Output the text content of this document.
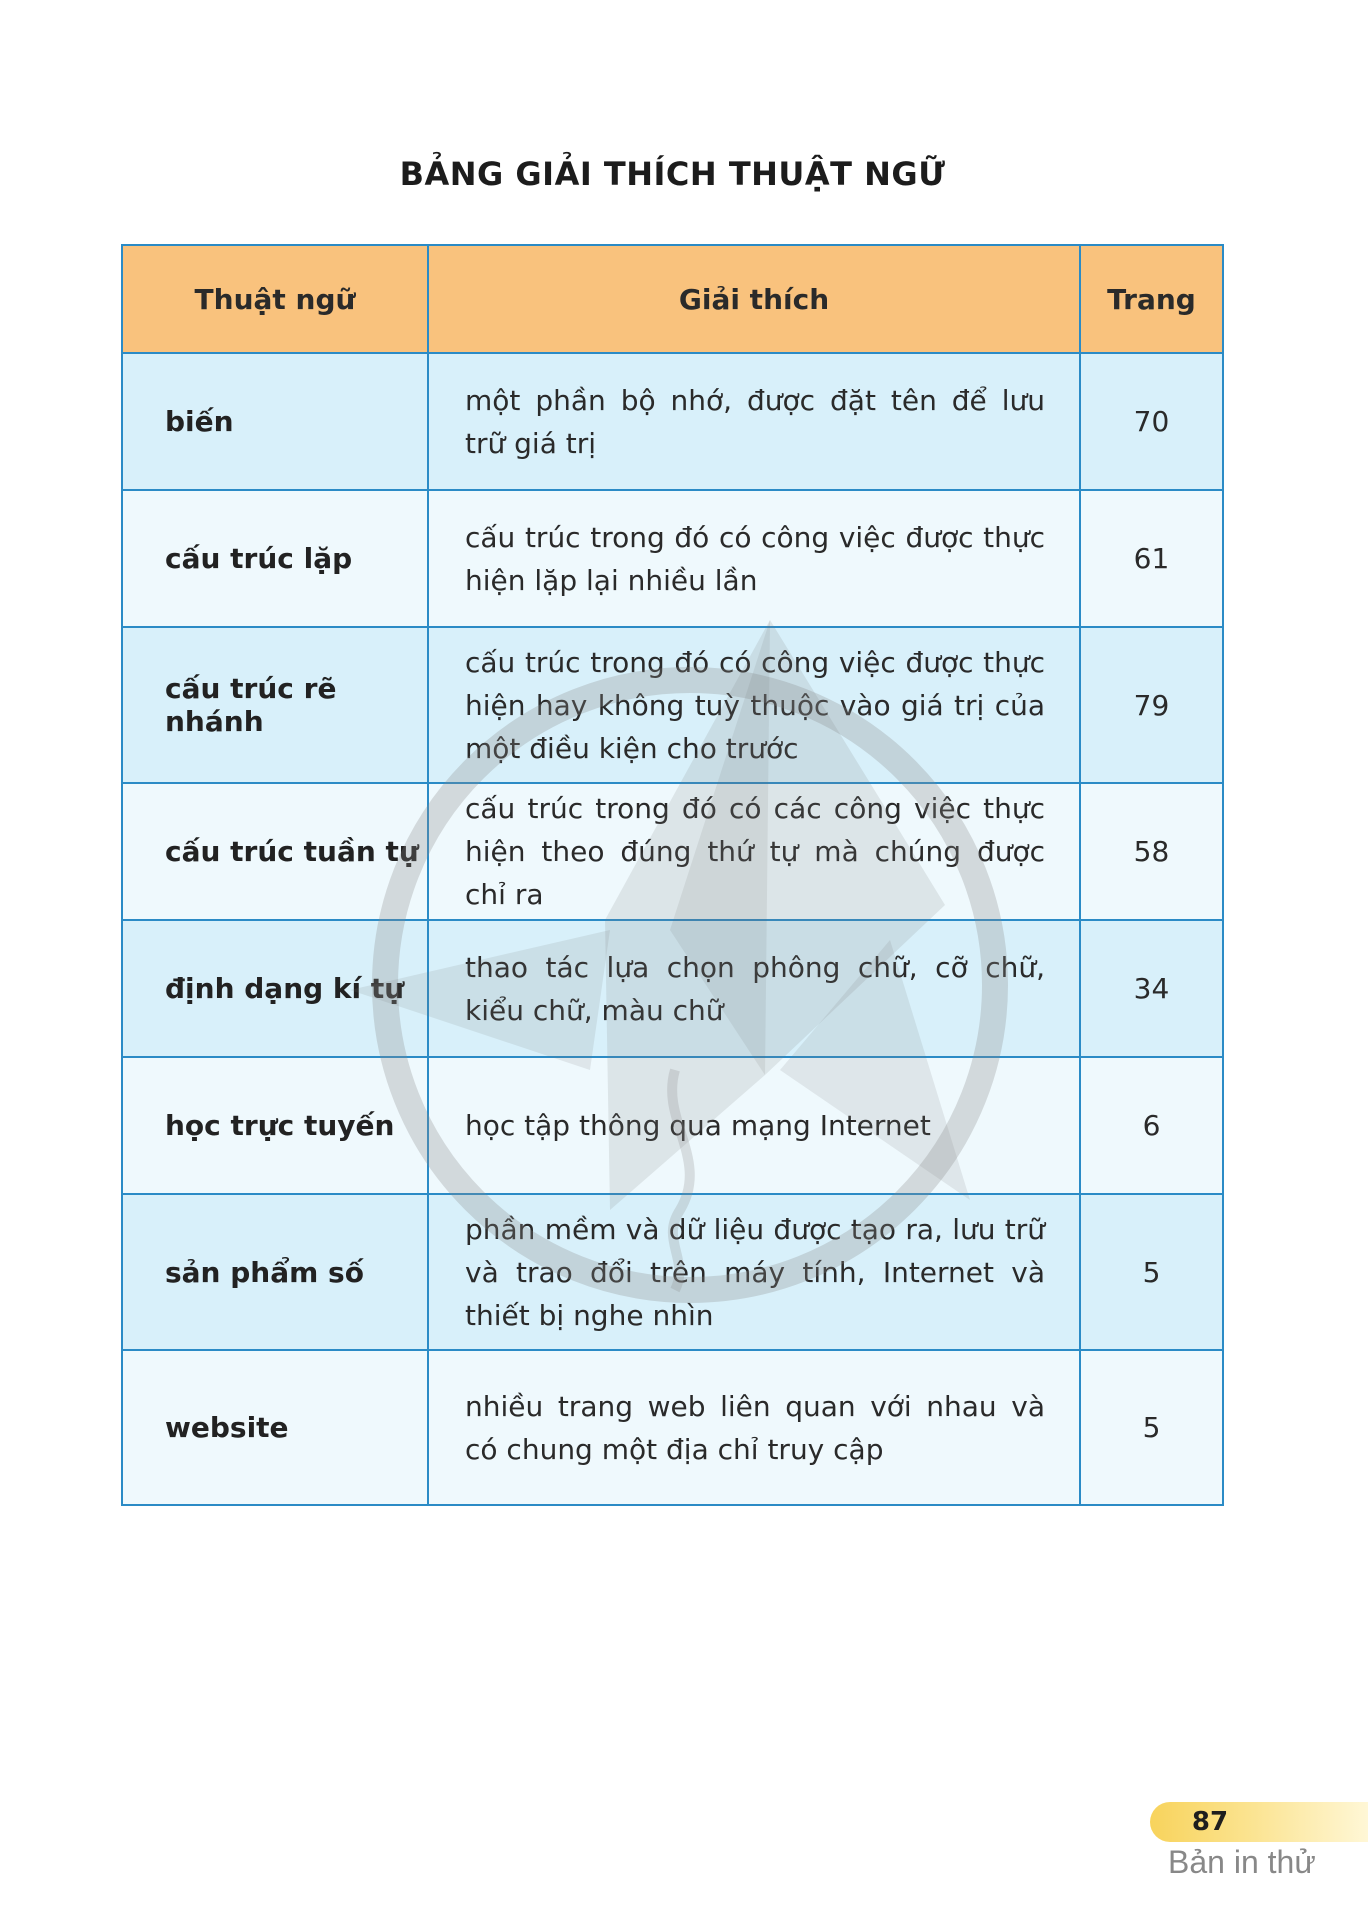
BẢNG GIẢI THÍCH THUẬT NGỮ
Thuật ngữ	Giải thích	Trang
biến	một phần bộ nhớ, được đặt tên để lưu trữ giá trị	70
cấu trúc lặp	cấu trúc trong đó có công việc được thực hiện lặp lại nhiều lần	61
cấu trúc rẽ nhánh	cấu trúc trong đó có công việc được thực hiện hay không tuỳ thuộc vào giá trị của một điều kiện cho trước	79
cấu trúc tuần tự	cấu trúc trong đó có các công việc thực hiện theo đúng thứ tự mà chúng được chỉ ra	58
định dạng kí tự	thao tác lựa chọn phông chữ, cỡ chữ, kiểu chữ, màu chữ	34
học trực tuyến	học tập thông qua mạng Internet	6
sản phẩm số	phần mềm và dữ liệu được tạo ra, lưu trữ và trao đổi trên máy tính, Internet và thiết bị nghe nhìn	5
website	nhiều trang web liên quan với nhau và có chung một địa chỉ truy cập	5
87
Bản in thử
